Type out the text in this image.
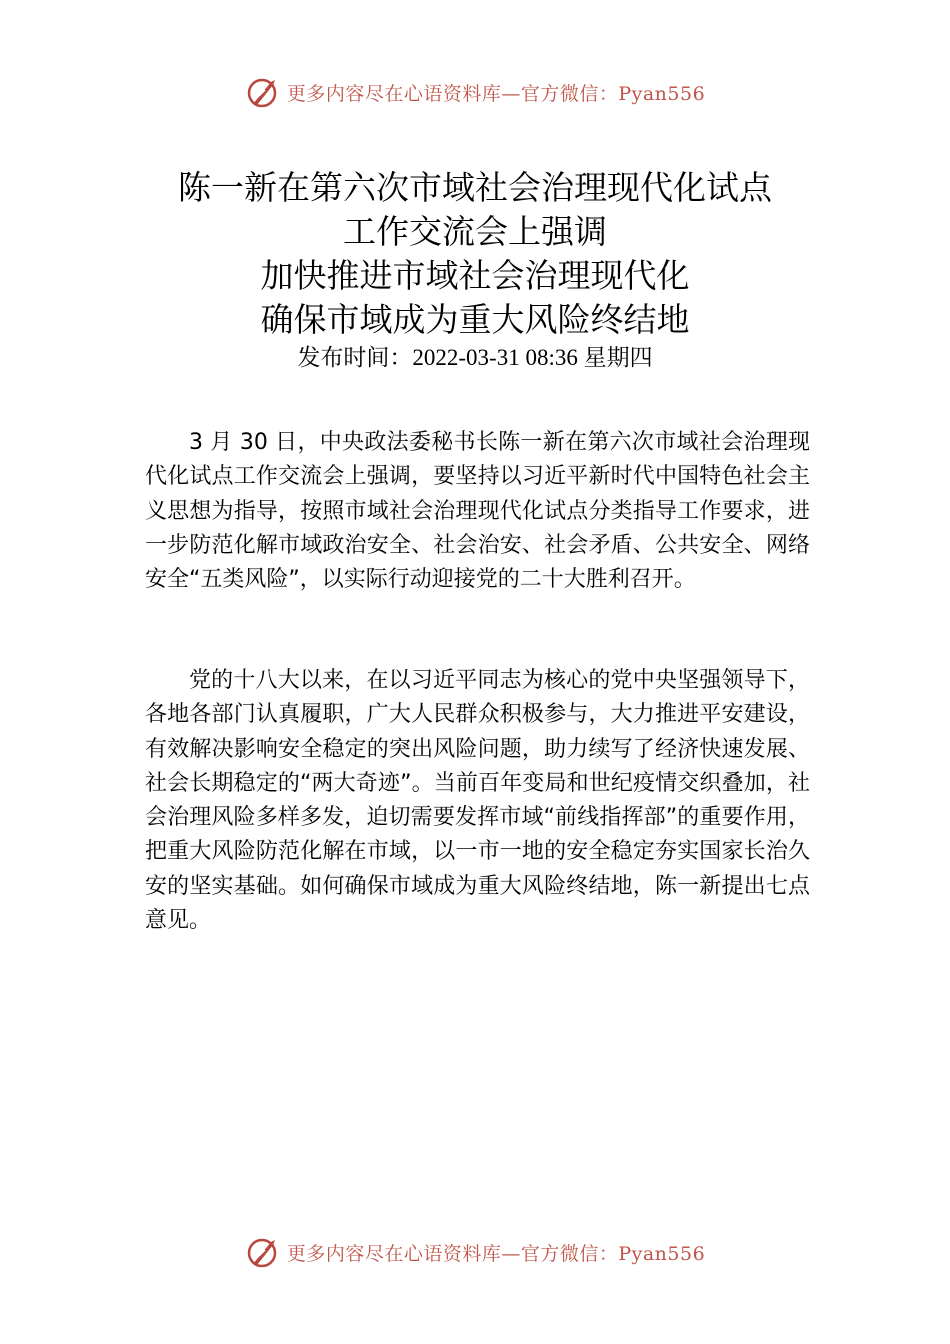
更多内容尽在心语资料库—官方微信：Pyan556
陈一新在第六次市域社会治理现代化试点
工作交流会上强调
加快推进市域社会治理现代化
确保市域成为重大风险终结地
发布时间：2022-03-31 08:36 星期四

3 月 30 日，中央政法委秘书长陈一新在第六次市域社会治理现代化试点工作交流会上强调，要坚持以习近平新时代中国特色社会主义思想为指导，按照市域社会治理现代化试点分类指导工作要求，进一步防范化解市域政治安全、社会治安、社会矛盾、公共安全、网络安全“五类风险”，以实际行动迎接党的二十大胜利召开。

党的十八大以来，在以习近平同志为核心的党中央坚强领导下，各地各部门认真履职，广大人民群众积极参与，大力推进平安建设，有效解决影响安全稳定的突出风险问题，助力续写了经济快速发展、社会长期稳定的“两大奇迹”。当前百年变局和世纪疫情交织叠加，社会治理风险多样多发，迫切需要发挥市域“前线指挥部”的重要作用，把重大风险防范化解在市域，以一市一地的安全稳定夯实国家长治久安的坚实基础。如何确保市域成为重大风险终结地，陈一新提出七点意见。

更多内容尽在心语资料库—官方微信：Pyan556
